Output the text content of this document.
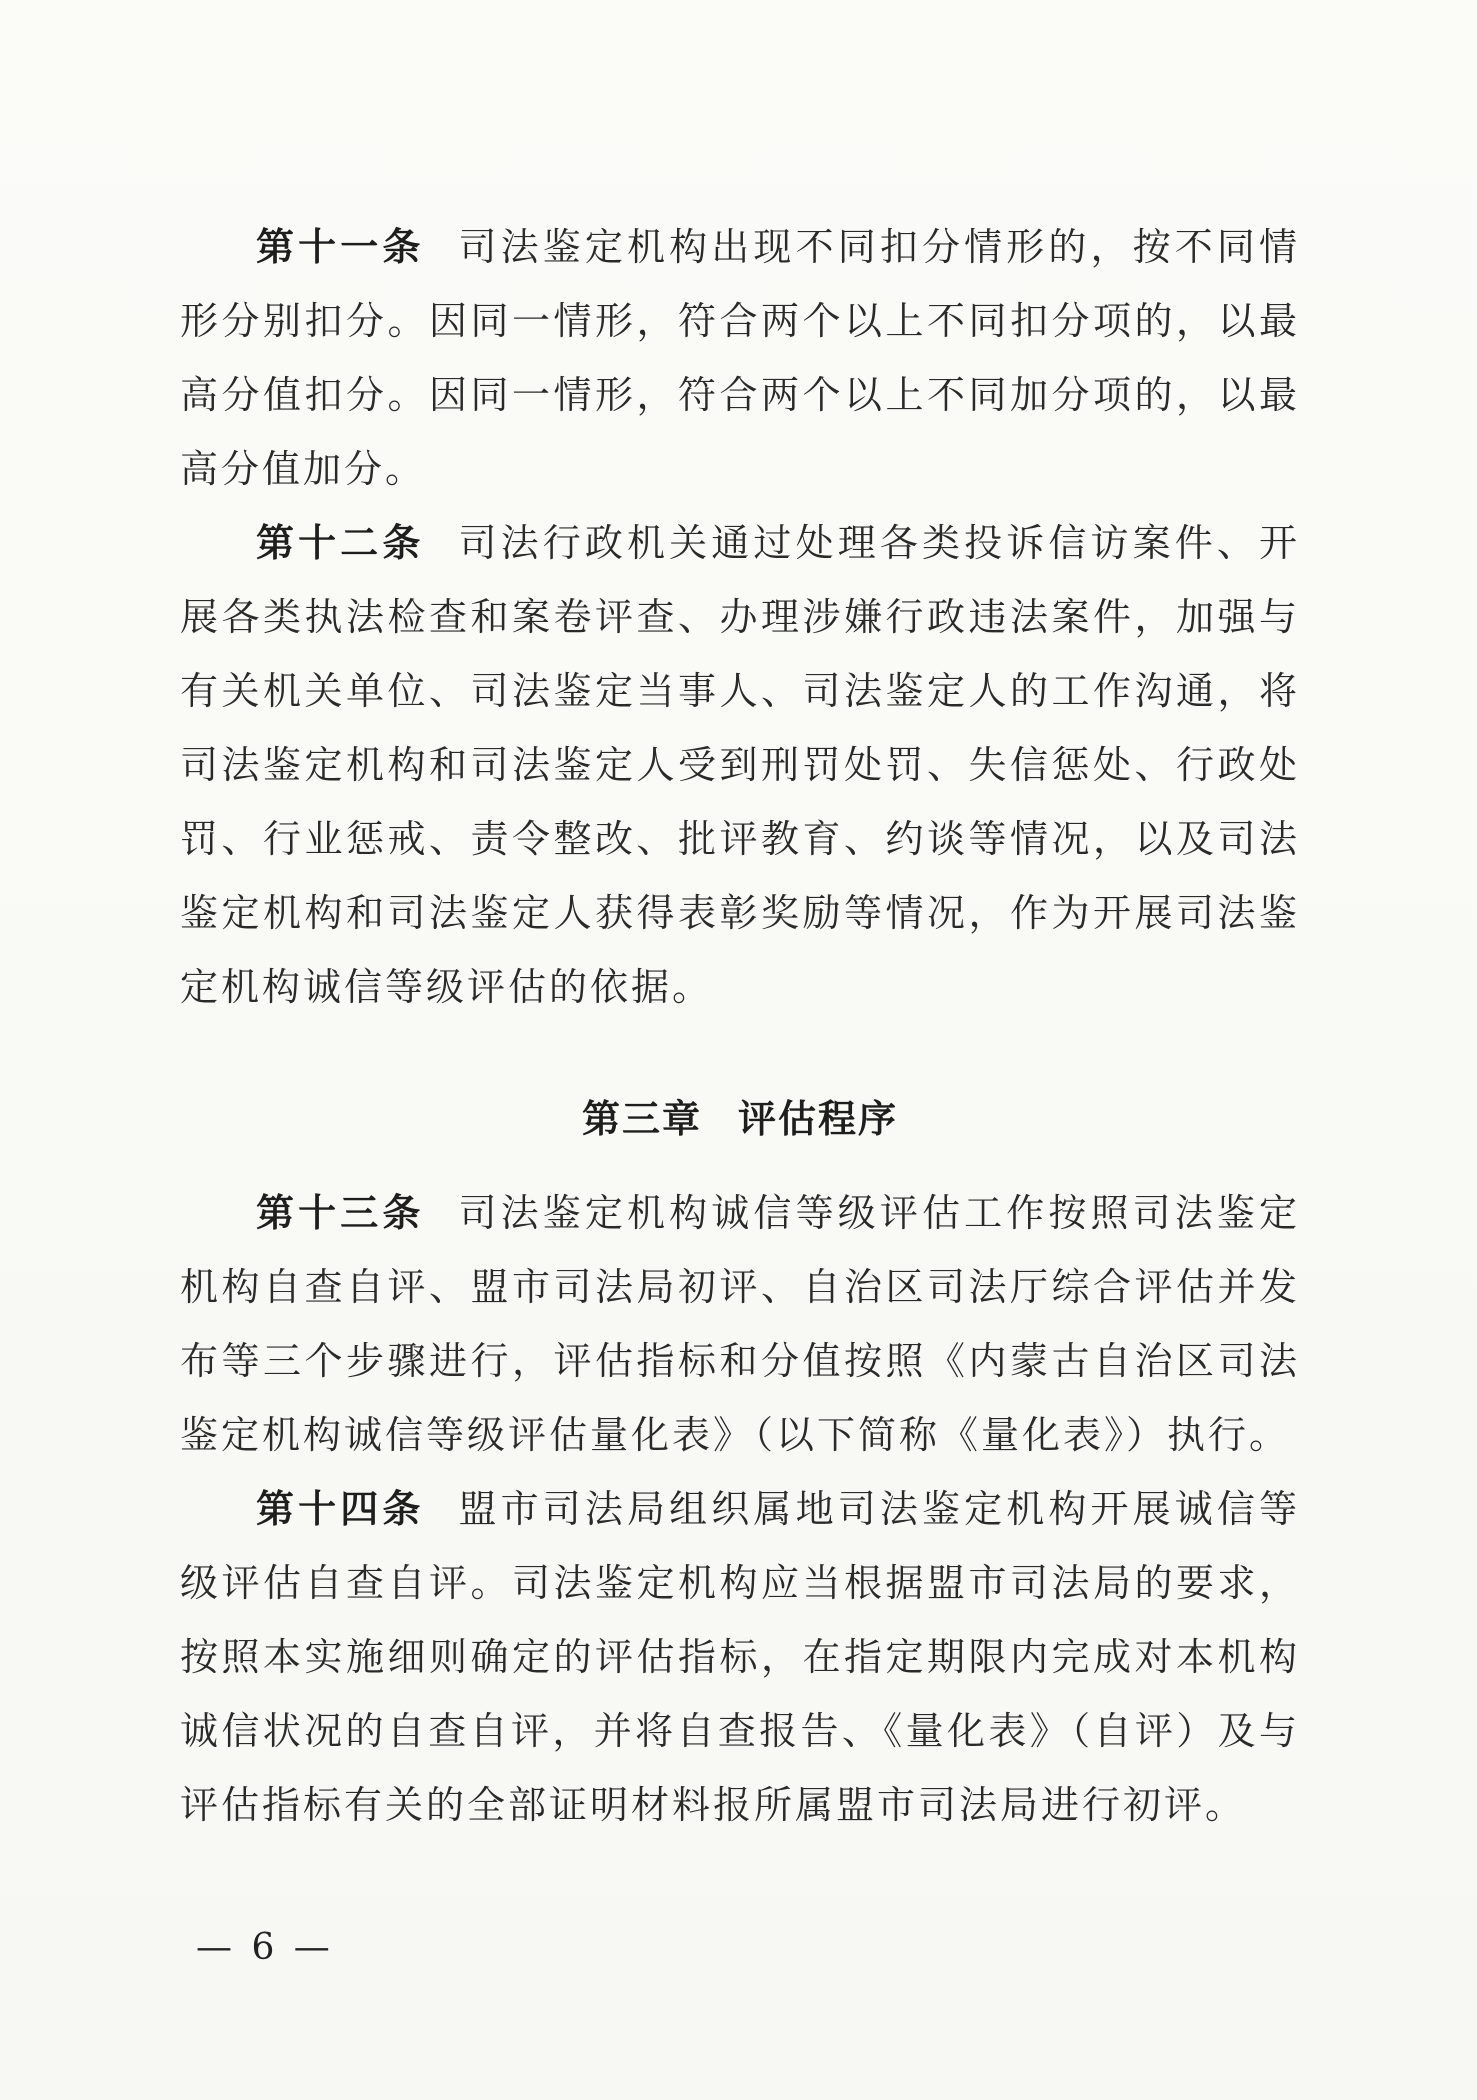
第十一条 司法鉴定机构出现不同扣分情形的，按不同情形分别扣分。因同一情形，符合两个以上不同扣分项的，以最高分值扣分。因同一情形，符合两个以上不同加分项的，以最高分值加分。

第十二条 司法行政机关通过处理各类投诉信访案件、开展各类执法检查和案卷评查、办理涉嫌行政违法案件，加强与有关机关单位、司法鉴定当事人、司法鉴定人的工作沟通，将司法鉴定机构和司法鉴定人受到刑罚处罚、失信惩处、行政处罚、行业惩戒、责令整改、批评教育、约谈等情况，以及司法鉴定机构和司法鉴定人获得表彰奖励等情况，作为开展司法鉴定机构诚信等级评估的依据。

第三章 评估程序

第十三条 司法鉴定机构诚信等级评估工作按照司法鉴定机构自查自评、盟市司法局初评、自治区司法厅综合评估并发布等三个步骤进行，评估指标和分值按照《内蒙古自治区司法鉴定机构诚信等级评估量化表》（以下简称《量化表》）执行。

第十四条 盟市司法局组织属地司法鉴定机构开展诚信等级评估自查自评。司法鉴定机构应当根据盟市司法局的要求，按照本实施细则确定的评估指标，在指定期限内完成对本机构诚信状况的自查自评，并将自查报告、《量化表》（自评）及与评估指标有关的全部证明材料报所属盟市司法局进行初评。

— 6 —
